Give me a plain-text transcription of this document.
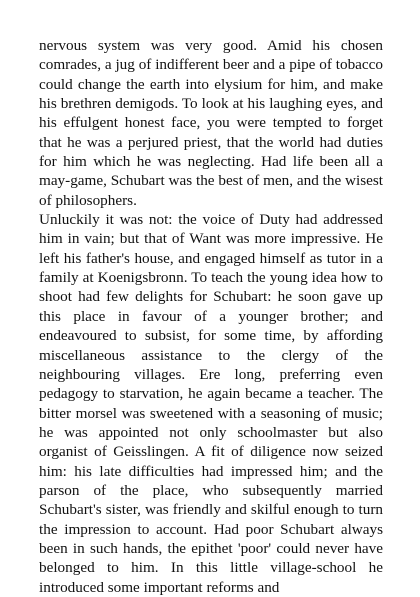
nervous system was very good. Amid his chosen comrades, a jug of indifferent beer and a pipe of tobacco could change the earth into elysium for him, and make his brethren demigods. To look at his laughing eyes, and his effulgent honest face, you were tempted to forget that he was a perjured priest, that the world had duties for him which he was neglecting. Had life been all a may-game, Schubart was the best of men, and the wisest of philosophers.

Unluckily it was not: the voice of Duty had addressed him in vain; but that of Want was more impressive. He left his father's house, and engaged himself as tutor in a family at Koenigsbronn. To teach the young idea how to shoot had few delights for Schubart: he soon gave up this place in favour of a younger brother; and endeavoured to subsist, for some time, by affording miscellaneous assistance to the clergy of the neighbouring villages. Ere long, preferring even pedagogy to starvation, he again became a teacher. The bitter morsel was sweetened with a seasoning of music; he was appointed not only schoolmaster but also organist of Geisslingen. A fit of diligence now seized him: his late difficulties had impressed him; and the parson of the place, who subsequently married Schubart's sister, was friendly and skilful enough to turn the impression to account. Had poor Schubart always been in such hands, the epithet 'poor' could never have belonged to him. In this little village-school he introduced some important reforms and
